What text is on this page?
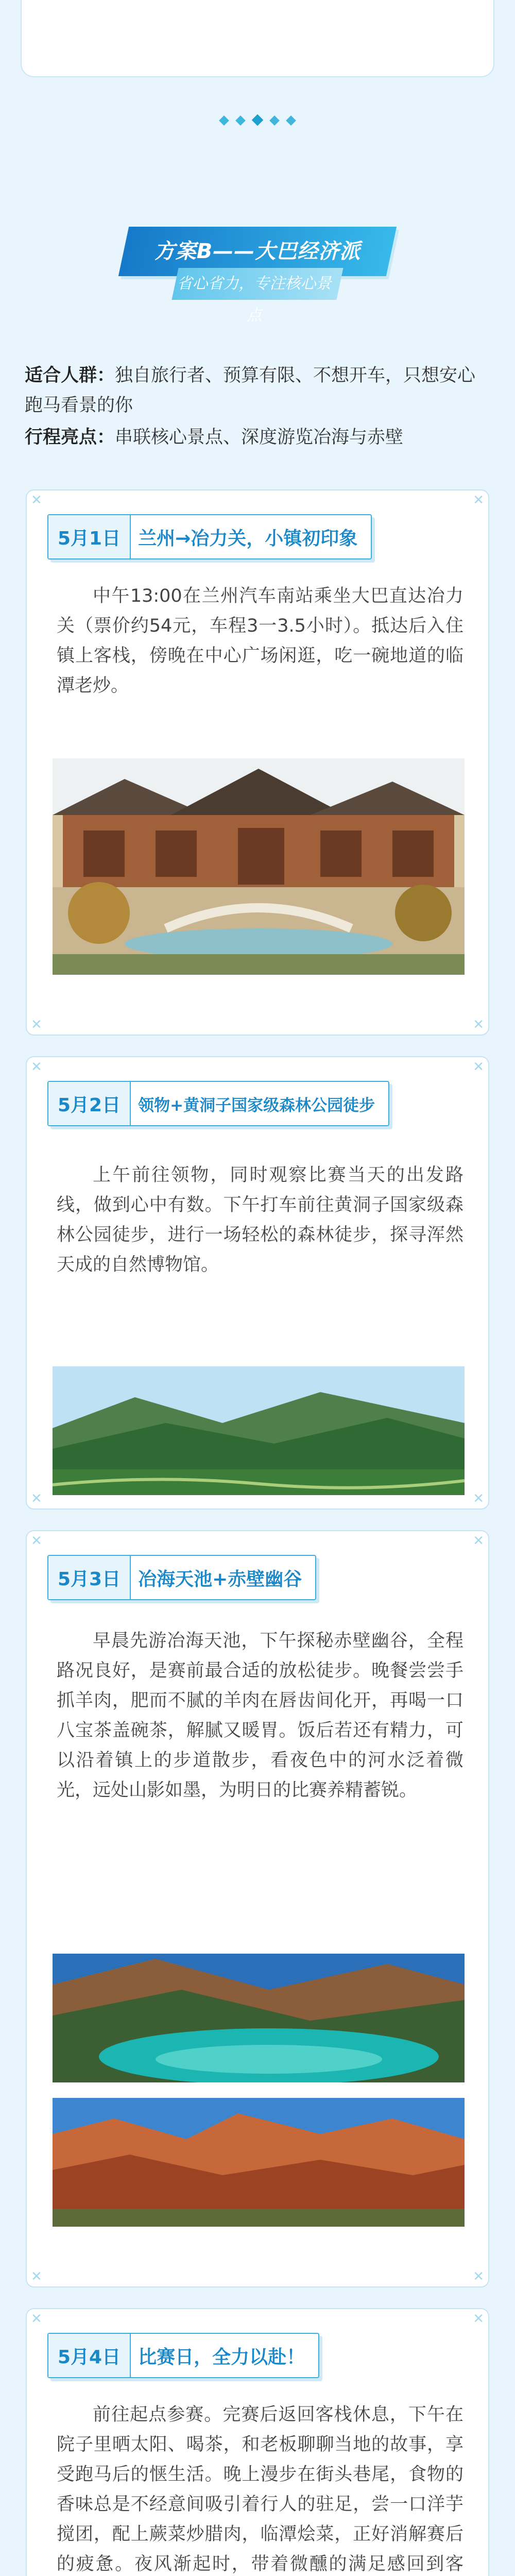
方案B——大巴经济派
省心省力，专注核心景点
适合人群：独自旅行者、预算有限、不想开车，只想安心跑马看景的你
行程亮点：串联核心景点、深度游览冶海与赤壁
✕	✕
✕	✕
5月1日 兰州→冶力关，小镇初印象
中午13:00在兰州汽车南站乘坐大巴直达冶力关（票价约54元，车程3一3.5小时）。抵达后入住镇上客栈，傍晚在中心广场闲逛，吃一碗地道的临潭老炒。
✕	✕
✕	✕
5月2日	领物+黄洞子国家级森林公园徒步
上午前往领物，同时观察比赛当天的出发路线，做到心中有数。下午打车前往黄洞子国家级森林公园徒步，进行一场轻松的森林徒步，探寻浑然天成的自然博物馆。
✕	✕
✕	✕
5月3日 冶海天池+赤壁幽谷
早晨先游冶海天池，下午探秘赤壁幽谷，全程路况良好，是赛前最合适的放松徒步。晚餐尝尝手抓羊肉，肥而不腻的羊肉在唇齿间化开，再喝一口八宝茶盖碗茶，解腻又暖胃。饭后若还有精力，可以沿着镇上的步道散步，看夜色中的河水泛着微光，远处山影如墨，为明日的比赛养精蓄锐。
✕	✕
5月4日 比赛日，全力以赴！
前往起点参赛。完赛后返回客栈休息，下午在院子里晒太阳、喝茶，和老板聊聊当地的故事，享受跑马后的惬生活。晚上漫步在街头巷尾，食物的香味总是不经意间吸引着行人的驻足，尝一口洋芋搅团，配上蕨菜炒腊肉，临潭烩菜，正好消解赛后的疲惫。夜风渐起时，带着微醺的满足感回到客
